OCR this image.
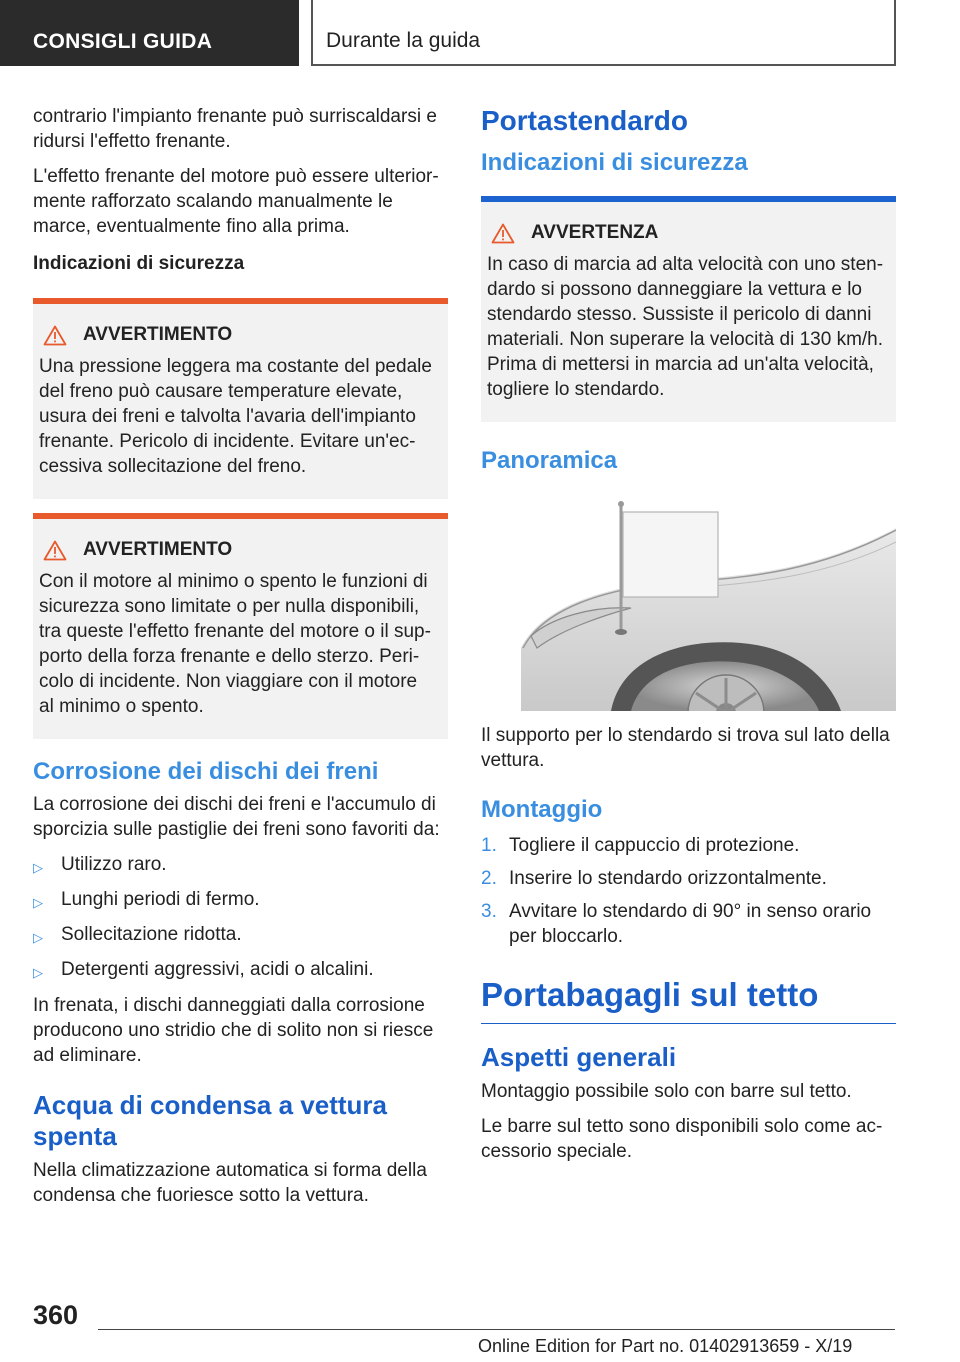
CONSIGLI GUIDA	Durante la guida

contrario l'impianto frenante può surriscaldarsi e ridursi l'effetto frenante.

L'effetto frenante del motore può essere ulterior-mente rafforzato scalando manualmente le marce, eventualmente fino alla prima.

Indicazioni di sicurezza
AVVERTIMENTO
Una pressione leggera ma costante del pedale del freno può causare temperature elevate, usura dei freni e talvolta l'avaria dell'impianto frenante. Pericolo di incidente. Evitare un'ec-cessiva sollecitazione del freno.
AVVERTIMENTO
Con il motore al minimo o spento le funzioni di sicurezza sono limitate o per nulla disponibili, tra queste l'effetto frenante del motore o il sup-porto della forza frenante e dello sterzo. Peri-colo di incidente. Non viaggiare con il motore al minimo o spento.
Corrosione dei dischi dei freni

La corrosione dei dischi dei freni e l'accumulo di sporcizia sulle pastiglie dei freni sono favoriti da:

▷ Utilizzo raro.
▷ Lunghi periodi di fermo.
▷ Sollecitazione ridotta.
▷ Detergenti aggressivi, acidi o alcalini.

In frenata, i dischi danneggiati dalla corrosione producono uno stridio che di solito non si riesce ad eliminare.

Acqua di condensa a vettura spenta

Nella climatizzazione automatica si forma della condensa che fuoriesce sotto la vettura.

Portastendardo
Indicazioni di sicurezza
AVVERTENZA
In caso di marcia ad alta velocità con uno sten-dardo si possono danneggiare la vettura e lo stendardo stesso. Sussiste il pericolo di danni materiali. Non superare la velocità di 130 km/h. Prima di mettersi in marcia ad un'alta velocità, togliere lo stendardo.
Panoramica

Il supporto per lo stendardo si trova sul lato della vettura.

Montaggio
1. Togliere il cappuccio di protezione.
2. Inserire lo stendardo orizzontalmente.
3. Avvitare lo stendardo di 90° in senso orario per bloccarlo.
Portabagagli sul tetto
Aspetti generali

Montaggio possibile solo con barre sul tetto.

Le barre sul tetto sono disponibili solo come ac-cessorio speciale.

360
Online Edition for Part no. 01402913659 - X/19
